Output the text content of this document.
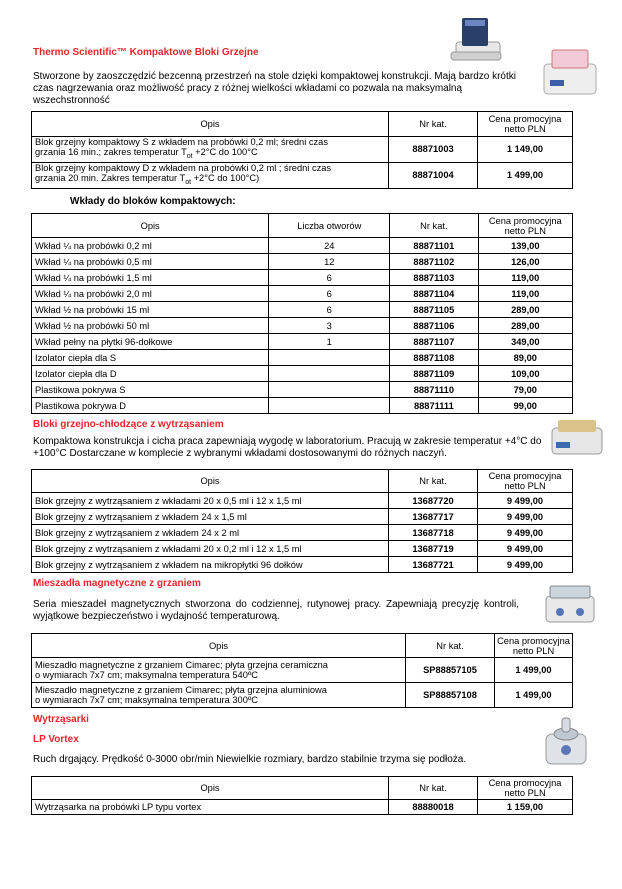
Thermo Scientific™ Kompaktowe Bloki Grzejne
Stworzone by zaoszczędzić bezcenną przestrzeń na stole dzięki kompaktowej konstrukcji. Mają bardzo krótki czas nagrzewania oraz możliwość pracy z różnej wielkości wkładami co pozwala na maksymalną wszechstronność
Opis	Nr kat.	Cena promocyjna netto PLN
Blok grzejny kompaktowy S z wkładem na probówki 0,2 ml; średni czas
grzania 16 min.; zakres temperatur $T_{ot} +2^\circ C$ do 100°C	88871003	1 149,00
Blok grzejny kompaktowy D z wkładem na probówki 0,2 ml ; średni czas
grzania 20 min. Zakres temperatur $T_{ot} +2^\circ C$ do 100°C)	88871004	1 499,00
Wkłady do bloków kompaktowych:
Opis	Liczba otworów	Nr kat.	Cena promocyjna netto PLN
Wkład ¼ na probówki 0,2 ml	24	88871101	139,00
Wkład ¼ na probówki 0,5 ml	12	88871102	126,00
Wkład ¼ na probówki 1,5 ml	6	88871103	119,00
Wkład ¼ na probówki 2,0 ml	6	88871104	119,00
Wkład ½ na probówki 15 ml	6	88871105	289,00
Wkład ½ na probówki 50 ml	3	88871106	289,00
Wkład pełny na płytki 96-dołkowe	1	88871107	349,00
Izolator ciepła dla S		88871108	89,00
Izolator ciepła dla D		88871109	109,00
Plastikowa pokrywa S		88871110	79,00
Plastikowa pokrywa D		88871111	99,00
Bloki grzejno-chłodzące z wytrząsaniem
Kompaktowa konstrukcja i cicha praca zapewniają wygodę w laboratorium. Pracują w zakresie temperatur +4°C do +100°C Dostarczane w komplecie z wybranymi wkładami dostosowanymi do różnych naczyń.
Opis	Nr kat.	Cena promocyjna netto PLN
Blok grzejny z wytrząsaniem z wkładami 20 x 0,5 ml i 12 x 1,5 ml	13687720	9 499,00
Blok grzejny z wytrząsaniem z wkładem 24 x 1,5 ml	13687717	9 499,00
Blok grzejny z wytrząsaniem z wkładem 24 x 2 ml	13687718	9 499,00
Blok grzejny z wytrząsaniem z wkładami 20 x 0,2 ml i 12 x 1,5 ml	13687719	9 499,00
Blok grzejny z wytrząsaniem z wkładem na mikropłytki 96 dołków	13687721	9 499,00
Mieszadła magnetyczne z grzaniem
Seria mieszadeł magnetycznych stworzona do codziennej, rutynowej pracy. Zapewniają precyzję kontroli, wyjątkowe bezpieczeństwo i wydajność temperaturową.
Opis	Nr kat.	Cena promocyjna netto PLN
Mieszadło magnetyczne z grzaniem Cimarec; płyta grzejna ceramiczna
o wymiarach 7x7 cm; maksymalna temperatura 540ºC	SP88857105	1 499,00
Mieszadło magnetyczne z grzaniem Cimarec; płyta grzejna aluminiowa
o wymiarach 7x7 cm; maksymalna temperatura 300ºC	SP88857108	1 499,00
Wytrząsarki
LP Vortex
Ruch drgający. Prędkość 0-3000 obr/min Niewielkie rozmiary, bardzo stabilnie trzyma się podłoża.
Opis	Nr kat.	Cena promocyjna netto PLN
Wytrząsarka na probówki LP typu vortex	88880018	1 159,00
